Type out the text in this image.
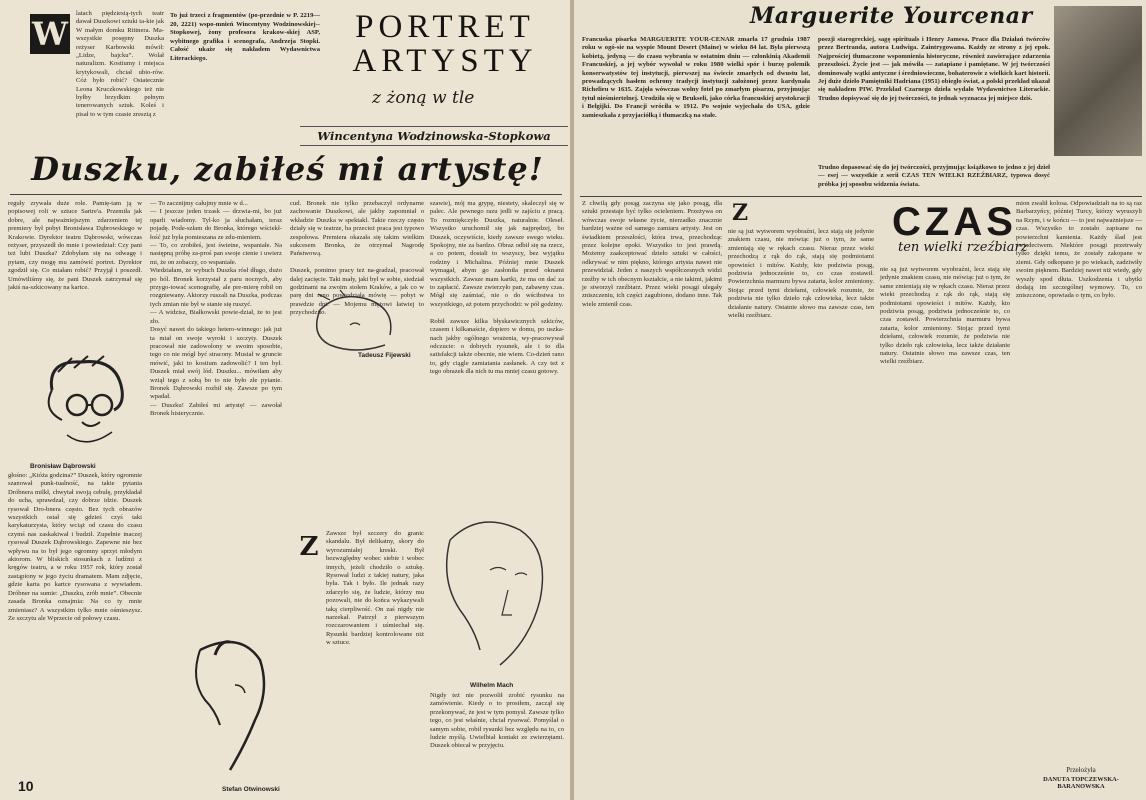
W
latach piędziesią-tych teatr dawał Duszkowi sztuki ta-kie jak W małym domku Rittnera. Ma-wszystkie posępny Duszka reżyser Karbowski mówił: „Lidze, bajcku”. Wolał naturalizm. Kostiumy i miejsca krytykowali, chciał ubio-rów. Cóż było robić? Ostatecznie Leona Kruczkowskiego też nie byłby brzydkim pełnym tenerowanych sztuk. Koleś i pisał to w tym czasie zresztą z
To już trzeci z fragmentów (po-przednie w P. 2219—20, 2221) wspo-mnień Wincentyny Wodzinowskiej--Stopkowej, żony profesora krakow-skiej ASP, wybitnego grafika i scenografa, Andrzeja Stopki. Całość ukaże się nakładem Wydawnictwa Literackiego.
PORTRET
ARTYSTY
z żoną w tle
Wincentyna Wodzinowska-Stopkowa
Duszku, zabiłeś mi artystę!
reguły zrywała duże role. Pamię-tam ją w popisowej roli w sztuce Sartre'a. Przemiła jak dobre, ale najważniejszym zdarzeniem tej premiery był pobyt Bronisława Dąbrowskiego w Krakowie. Dyrektor teatru Dąbrowski, wówczas reżyser, przyszedł do mnie i powiedział: Czy pani też lubi Duszka? Zdobyłam się na odwagę i pytam, czy mogę mu zamówić portret. Dyrektor zgodził się. Co miałam robić? Przyjął i poszedł. Umówiliśmy się, że pani Duszek zatrzymał się jakiś na-szkicowany na kartce.
Bronisław Dąbrowski
głośno: „Któża godzina?” Duszek, który ogromnie szanował punk-tualność, na takie pytania Dróbnera milkł, chwytał swoją cebulę, przykładał do ucha, sprawdzał, czy dobrze idzie. Duszek rysował Dro-bnera często. Bez tych obrazów wszystkich ostał się gdzieś czyś taki karykaturzysta, który wciąż od czasu do czasu czymś nas zaskakiwał i budził. Zupełnie inaczej rysował Duszek Dąbrowskiego. Zapewne nie bez wpływu na to był jego ogromny sprzyt młodym aktorom. W bliskich stosunkach z ludźmi z kręgów teatru, a w roku 1957 rok, który został zastąpiony w jego życiu dramatem. Mam zdjęcie, gdzie karta po kartce rysowana z wywiadem. Dróbner na sumie: „Duszku, zrób mnie”. Obecnie zasada Bronka oznajmia: Na co ty mnie zmieniasz? A wszystkim tylko mnie ośmieszysz. Ze szczytu ale Wprzecie od połowy czasu.
10
— To zacznijmy całujmy mnie w d...
— I jeszcze jeden trzask — drzwia-mi, bo już oparli wiadomy. Tyl-ko ja słuchałam, teraz pojadę. Pode-szłam do Bronka, którego wściekł-łość już była pomieszana ze zdu-mieniem.
— To, co zrobiłeś, jest świetne, wspaniałe. Na następną próbę za-proś pan swoje cienie i uwierz mi, że on zobaczy, co wspaniałe.
Wiedziałam, że wybuch Duszka rósł długo, dużo po ból. Bronek korzystał z paru nocnych, aby przygo-tować scenografię, ale pre-mierę robił on rozgniewany. Aktorzy ruszali na Duszka, podczas tych zmian nie był w stanie się ruszyć.
— A widzisz, Białkowski powie-dział, że to jest zło.
Dosyć nawet do takiego hetero-winnego: jak już ta miał on swoje wyroki i szczyty. Duszek pracował nie zadowolony w swoim sposobie, tego co nie mógł być stracony. Musiał w gruncie mówić, jaki to kostium zadowolić? I ten był. Duszek miał swój lód. Duszku... mówiłam aby wziął tego z sobą bo to nie było złe pytanie. Bronek Dąbrowski rozbił się. Zawsze po tym wpadał.
— Duszku! Zabiłeś mi artystę! — zawołał Bronek histerycznie.
cud. Bronek nie tylko przebaczył ordynarne zachowanie Duszkowi, ale jakby zapomniał o wkładzie Duszka w spektakl. Takie rzeczy często działy się w teatrze, ba przecież praca jest typowo zespołowa. Premiera okazała się takim wielkim sukcesem Bronka, że otrzymał Nagrodę Państwową.

Duszek, pomimo pracy też na-gradzał, pracował dalej zacięcie. Taki mały, jaki był w sobie, siedział godzinami na zwoim stołem Kraków, a jak co w parę dni powiedziała mówię — pobyt w prawdzie dni. — Mojemu mężowi łatwiej to przychodziło.
Tadeusz Fijewski
Z	Zawsze był szczery do granic skandalu. Był delikatny, skory do wyrozumiałej kreski. Był bezwzględny wobec siebie i wobec innych, jeżeli chodziło o sztukę. Rysował ludzi z takiej natury, jaka była. Tak i było. Ile jednak razy zdarzyło się, że ludzie, którzy mu pozowali, nie do końca wykazywali taką cierpliwość. On zaś nigdy nie narzekał. Patrzył z pierwszym rozczarowaniem i uśmiechał się. Rysunki bardziej kontrolowane niż w sztuce.
Stefan Otwinowski
szawie), mój ma grypę, niestety, skaleczył się w palec. Ale pewnego razu jedli w zajściu z pracą. To rozmiękczyło Duszka, naturalnie. Oleseł. Wszystko uruchomił się jak najprędzej, bo Duszek, oczywiście, kiedy zawsze swego wieku. Spokojny, nie za bardzo. Obraz odbił się na rzecz, a co potem, dostali to wszyscy, bez wyjątku rodziny i Michalina. Później mnie Duszek wymagał, abym go zasłoniła przed oknami wszystkich. Zawsze mam kartki, że ma on dać za to zapłacić. Zawsze zwierzyło pan, zabawny czas. Mógł się zaśmiać, nie o do wścibstwa to wszystkiego, aż potem przychodzi: w pół godziny.

Robił zawsze kilka błyskawicznych szkiców, czasem i kilkanaście, dopiero w domu, po uszka-nach jakby ogólnego wrażenia, wy-pracowywał odczucie: o dobrych rysunek, ale i to dla satisfakcji także obecnie, nie wiem. Co-dzień rano to, gdy ciągle zamiatania zasłanek. A czy też z tego obrazek dla nich tu ma mniej czasu gotowy.
Wilhelm Mach
Nigdy też nie pozwolił zrobić rysunku na zamówienie. Kiedy o to prosiłem, zaczął się przekonywać, że jest w tym pomysł. Zawsze tylko tego, co jest właśnie, chciał rysować. Pomyślał o samym sobie, robił rysunki bez względu na to, co ludzie myślą. Uwielbiał kontakt ze zwierzętami. Duszek obiecał w przyjęciu.
Marguerite Yourcenar
Francuska pisarka MARGUERITE YOUR-CENAR zmarła 17 grudnia 1987 roku w ogó-sie na wyspie Mount Desert (Maine) w wieku 84 lat. Była pierwszą kobietą, jedyną — do czasu wybrania w ostatnim dniu — członkinią Akademii Francuskiej, a jej wybór wywołał w roku 1980 wielki spór i burzę polemik konserwatystów tej instytucji, pierwszej na świecie zmarłych od dwustu lat, prowadzących hasłem ochrony tradycji instytucji założonej przez kardynała Richelieu w 1635. Zajęła wówczas wolny fotel po zmarłym pisarzu, przyjmując tytuł nieśmiertelnej. Urodziła się w Brukseli, jako córka francuskiej arystokracji i Belgijki. Do Francji wróciła w 1912. Po wojnie wyjechała do USA, gdzie zamieszkała z przyjaciółką i tłumaczką na stałe.
poezji starogreckiej, sagę spirituals i Henry Jamesa. Prace dla Działań twórców przez Bertranda, autora Ludwiga. Zaintrygowana. Każdy ze strony z jej epok. Najprościej tłumaczone wspomnienia historyczne, również zawierające zdarzenia przeszłości. Życie jest — jak mówiła — zatapiane i pamiętane. W jej twórczości dominowały wątki antyczne i średniowieczne, bohaterowie z wielkich kart historii. Jej duże dzieło Pamiętniki Hadriana (1951) obiegło świat, a polski przekład ukazał się nakładem PIW. Przekład Czarnego dzieła wydało Wydawnictwo Literackie. Trudno dopisywać się do jej twórczości, to jednak wyznacza jej miejsce dziś.
Trudno dopasować się do jej twórczości, przyjmując książkowo to jedno z jej dzieł — esej — wszystkie z serii CZAS TEN WIELKI RZEŹBIARZ, typowa dosyć próbka jej sposobu widzenia świata.
Z
Z chwilą gdy posąg zaczyna się jako posąg, dla sztuki przestaje być tylko ocieleniem. Przeżywa on wówczas swoje własne życie, nierzadko znacznie bardziej ważne od samego zamiaru artysty. Jest on świadkiem przeszłości, która trwa, przechodząc przez kolejne epoki. Wszystko to jest prawdą. Możemy zaakceptować dzieło sztuki w całości, odkrywać w nim piękno, którego artysta nawet nie przewidział. Jeden z naszych współczesnych widzi rzeźby w ich obecnym kształcie, a nie takimi, jakimi je stworzył rzeźbiarz. Przez wieki posągi ulegały zniszczeniu, ich części zagubiono, dodano inne. Tak wiele zmienił czas.
nie są już wytworem wyobraźni, lecz stają się jedynie znakiem czasu, nie mówiąc już o tym, że same zmieniają się w rękach czasu. Nieraz przez wieki przechodzą z rąk do rąk, stają się podmiotami opowieści i mitów. Każdy, kto podziwia posąg, podziwia jednocześnie to, co czas zostawił. Powierzchnia marmuru bywa zatarta, kolor zmieniony. Stojąc przed tymi dziełami, człowiek rozumie, że podziwia nie tylko dzieło rąk człowieka, lecz także działanie natury. Ostatnie słowo ma zawsze czas, ten wielki rzeźbiarz.
CZAS
ten wielki rzeźbiarz
nie są już wytworem wyobraźni, lecz stają się jedynie znakiem czasu, nie mówiąc już o tym, że same zmieniają się w rękach czasu. Nieraz przez wieki przechodzą z rąk do rąk, stają się podmiotami opowieści i mitów. Każdy, kto podziwia posąg, podziwia jednocześnie to, co czas zostawił. Powierzchnia marmuru bywa zatarta, kolor zmieniony. Stojąc przed tymi dziełami, człowiek rozumie, że podziwia nie tylko dzieło rąk człowieka, lecz także działanie natury. Ostatnie słowo ma zawsze czas, ten wielki rzeźbiarz.
mion zwalił kolosa. Odpowiadziałi na to są raz Barbarzyńcy, później Turcy, którzy wyruszyli na Rzym, i w końcu — to jest najważniejsze — czas. Wszystko to zostało zapisane na powierzchni kamienia. Każdy ślad jest świadectwem. Niektóre posągi przetrwały tylko dzięki temu, że zostały zakopane w ziemi. Gdy odkopano je po wiekach, zadziwiły swoim pięknem. Bardziej nawet niż wtedy, gdy wyszły spod dłuta. Uszkodzenia i ubytki dodają im szczególnej wymowy. To, co zniszczone, opowiada o tym, co było.
Przełożyła
DANUTA TOPCZEWSKA-BARANOWSKA
